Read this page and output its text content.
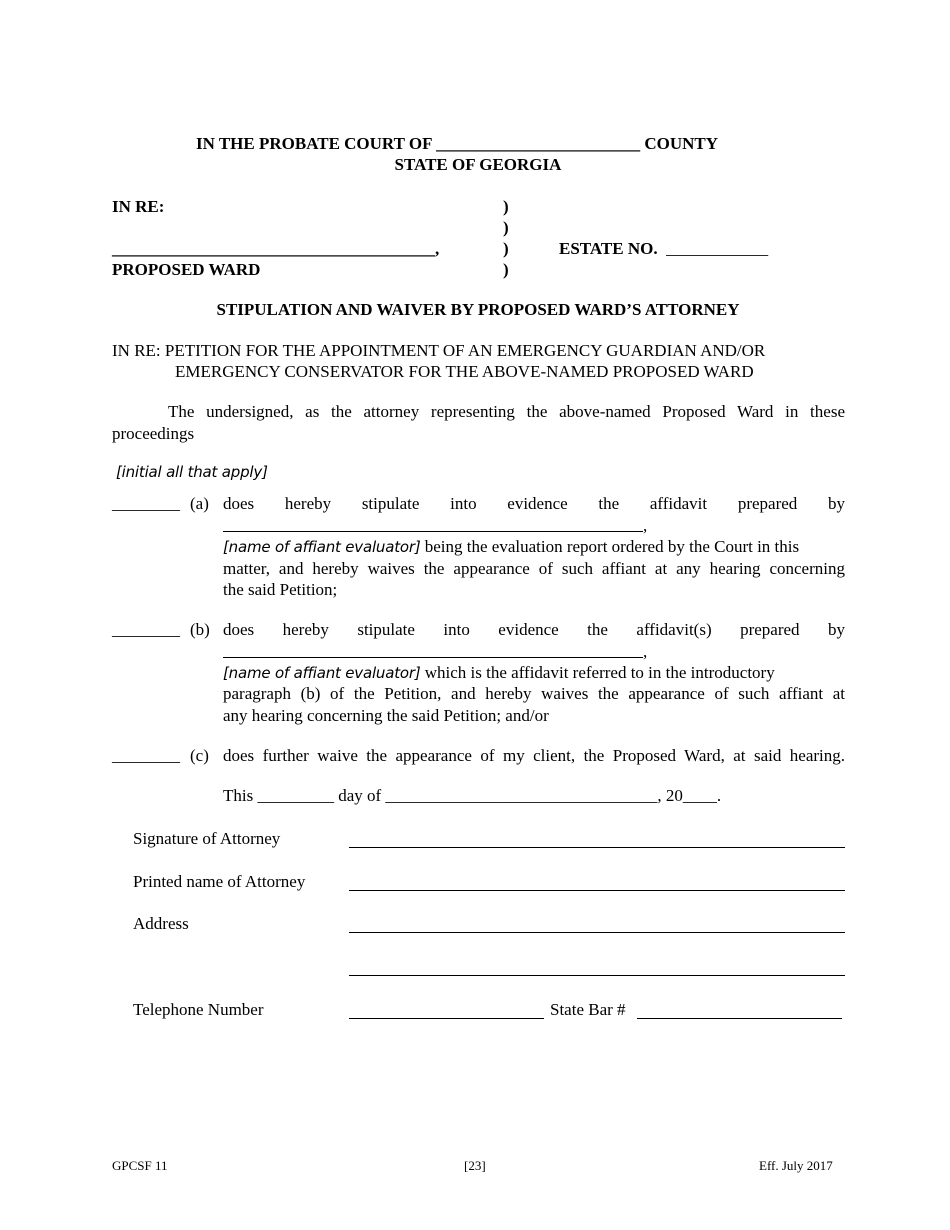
IN THE PROBATE COURT OF ________________________ COUNTY
STATE OF GEORGIA
IN RE:	)
)
)
)
______________________________________,	ESTATE NO. ____________
PROPOSED WARD
STIPULATION AND WAIVER BY PROPOSED WARD’S ATTORNEY
IN RE: PETITION FOR THE APPOINTMENT OF AN EMERGENCY GUARDIAN AND/OR
EMERGENCY CONSERVATOR FOR THE ABOVE-NAMED PROPOSED WARD
The undersigned, as the attorney representing the above-named Proposed Ward in these
proceedings
[initial all that apply]
________ (a) does hereby stipulate into evidence the affidavit prepared by
,
[name of affiant evaluator] being the evaluation report ordered by the Court in this
matter, and hereby waives the appearance of such affiant at any hearing concerning
the said Petition;
________ (b) does hereby stipulate into evidence the affidavit(s) prepared by
,
[name of affiant evaluator] which is the affidavit referred to in the introductory
paragraph (b) of the Petition, and hereby waives the appearance of such affiant at
any hearing concerning the said Petition; and/or
________ (c) does further waive the appearance of my client, the Proposed Ward, at said hearing.
This _________ day of ________________________________, 20____.
Signature of Attorney
Printed name of Attorney
Address
Telephone Number	State Bar #
GPCSF 11	[23]	Eff. July 2017
